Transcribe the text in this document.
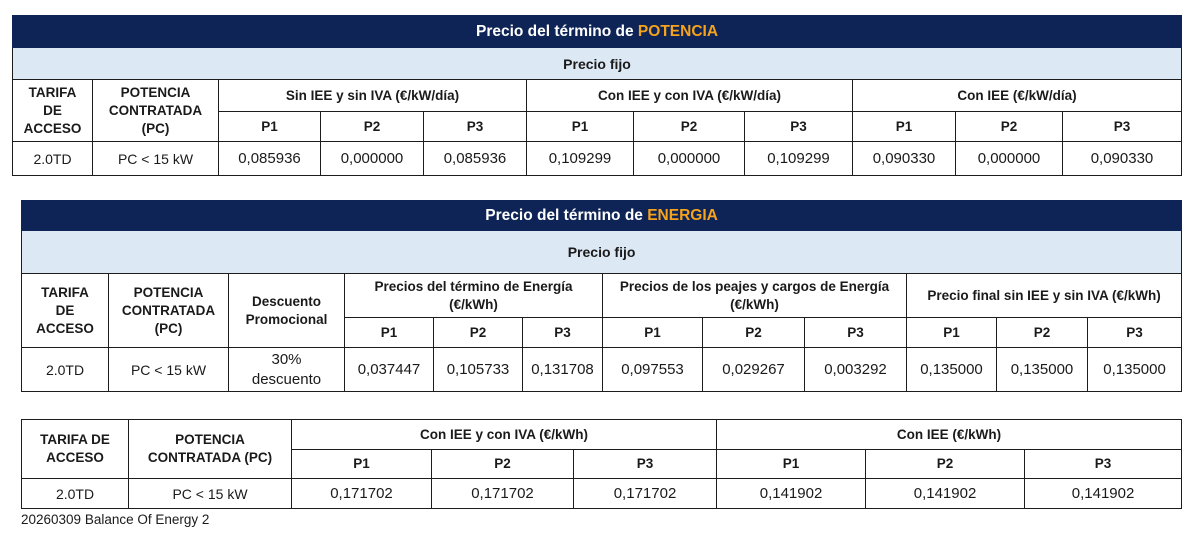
Precio del término de POTENCIA										
Precio fijo										
TARIFA DE ACCESO	POTENCIA CONTRATADA (PC)	Sin IEE y sin IVA (€/kW/día)			Con IEE y con IVA (€/kW/día)			Con IEE (€/kW/día)		
		P1	P2	P3	P1	P2	P3	P1	P2	P3
2.0TD	PC < 15 kW	0,085936	0,000000	0,085936	0,109299	0,000000	0,109299	0,090330	0,000000	0,090330
Precio del término de ENERGIA											
Precio fijo											
TARIFA DE ACCESO	POTENCIA CONTRATADA (PC)	Descuento Promocional	Precios del término de Energía (€/kWh)			Precios de los peajes y cargos de Energía (€/kWh)			Precio final sin IEE y sin IVA (€/kWh)		
			P1	P2	P3	P1	P2	P3	P1	P2	P3
2.0TD	PC < 15 kW	30% descuento	0,037447	0,105733	0,131708	0,097553	0,029267	0,003292	0,135000	0,135000	0,135000
TARIFA DE ACCESO	POTENCIA CONTRATADA (PC)	Con IEE y con IVA (€/kWh)			Con IEE (€/kWh)		
		P1	P2	P3	P1	P2	P3
2.0TD	PC < 15 kW	0,171702	0,171702	0,171702	0,141902	0,141902	0,141902
20260309 Balance Of Energy 2
